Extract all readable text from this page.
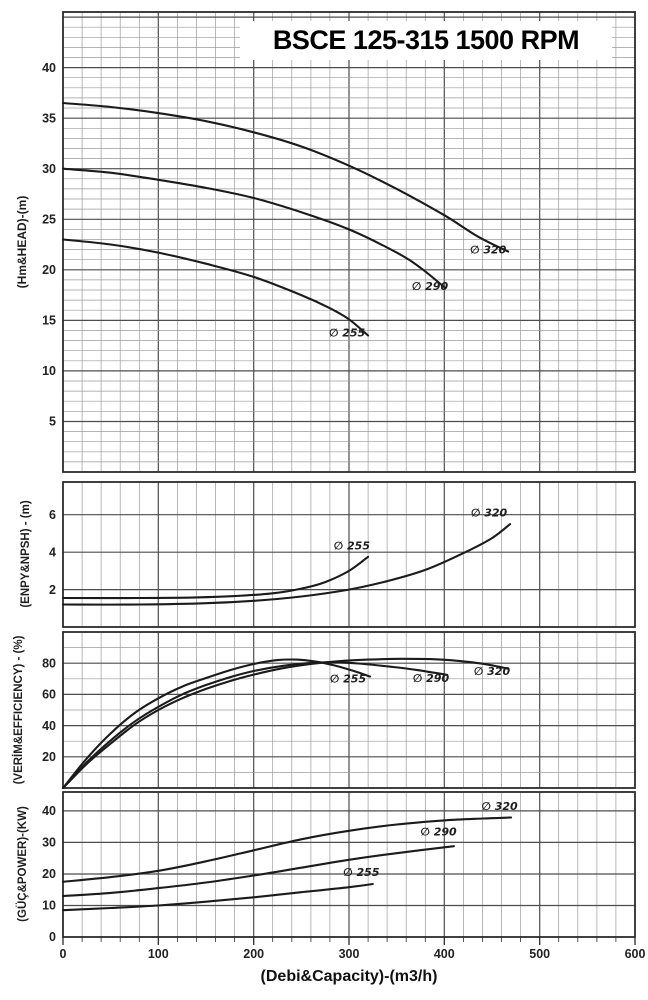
5
10
15
20
25
30
35
40
∅ 320
∅ 290
∅ 255
2
4
6
∅ 255
∅ 320
20
40
60
80
∅ 255	∅ 290
∅ 320
0
10
20
30
40	∅ 320
∅ 290
∅ 255
0	100	200	300	400	500	600
BSCE 125-315 1500 RPM
(Hm&HEAD)-(m)
(ENPY&NPSH) - (m)
(VERİM&EFFICIENCY) - (%)
(GÜÇ&POWER)-(KW)
(Debi&Capacity)-(m3/h)
